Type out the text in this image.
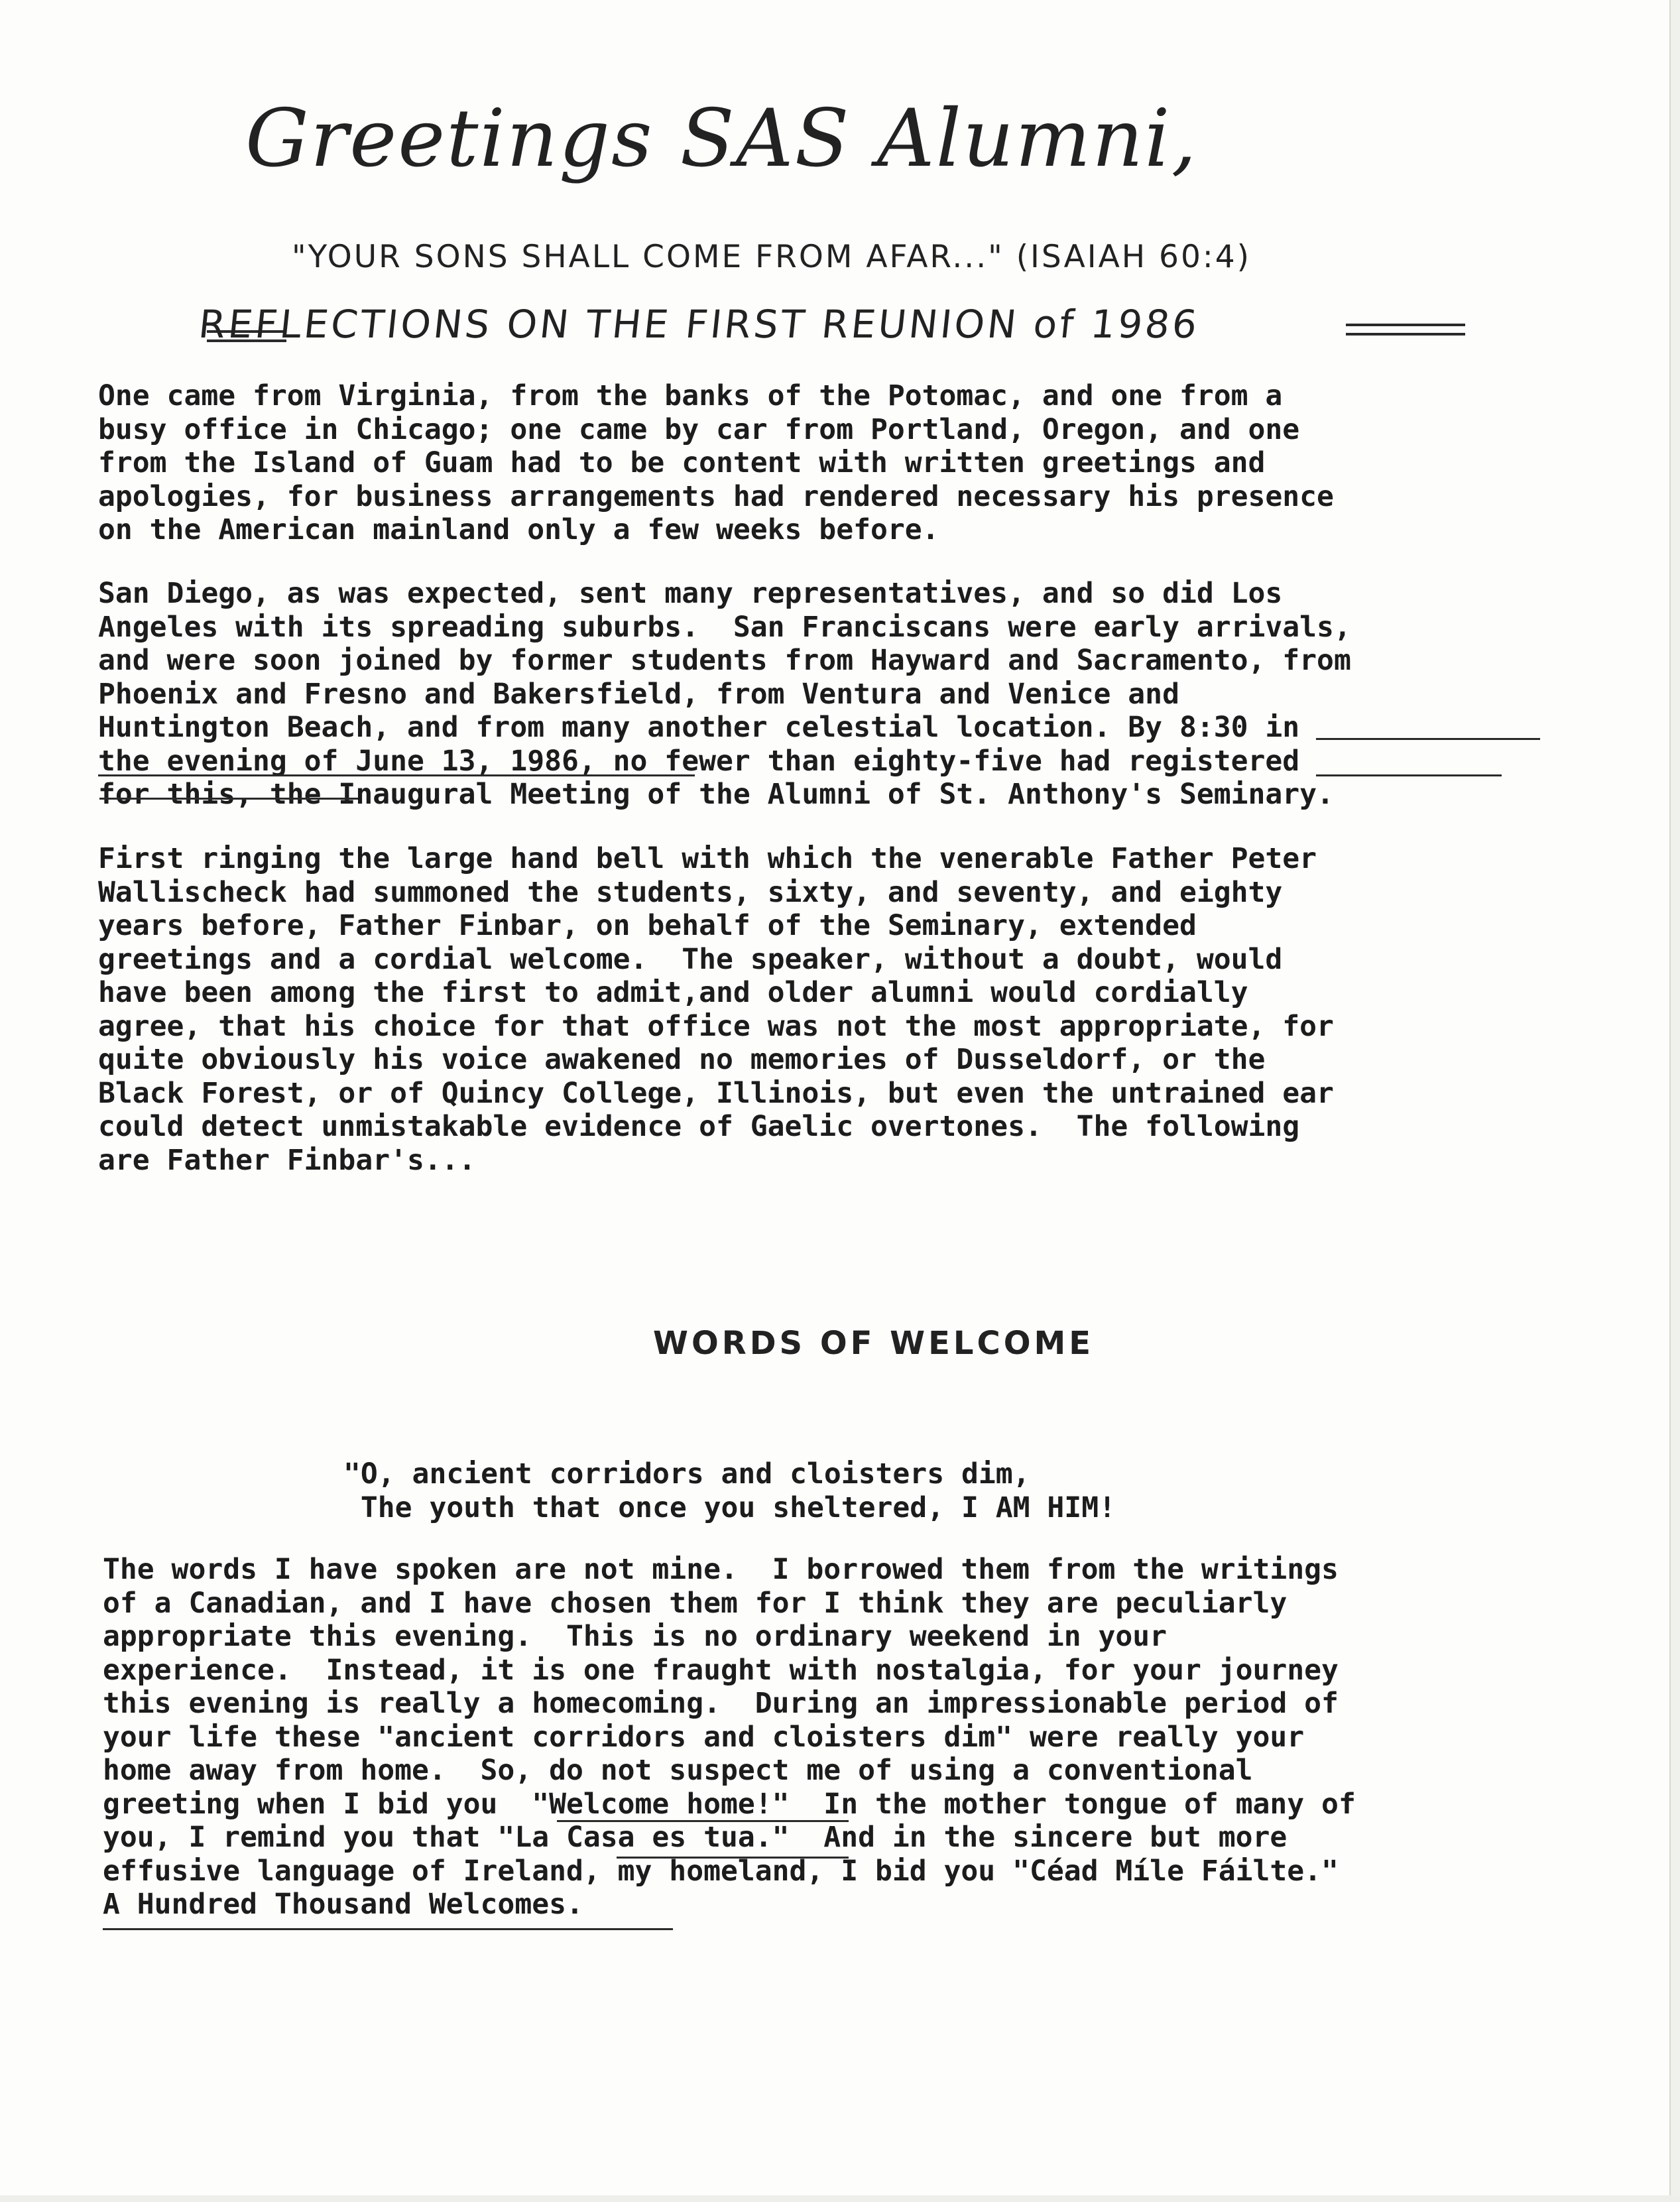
Greetings SAS Alumni,
"YOUR SONS SHALL COME FROM AFAR..." (ISAIAH 60:4)
REFLECTIONS ON THE FIRST REUNION of 1986
One came from Virginia, from the banks of the Potomac, and one from a
busy office in Chicago; one came by car from Portland, Oregon, and one
from the Island of Guam had to be content with written greetings and
apologies, for business arrangements had rendered necessary his presence
on the American mainland only a few weeks before.
San Diego, as was expected, sent many representatives, and so did Los
Angeles with its spreading suburbs.  San Franciscans were early arrivals,
and were soon joined by former students from Hayward and Sacramento, from
Phoenix and Fresno and Bakersfield, from Ventura and Venice and
Huntington Beach, and from many another celestial location. By 8:30 in
the evening of June 13, 1986, no fewer than eighty-five had registered
for this, the Inaugural Meeting of the Alumni of St. Anthony's Seminary.
First ringing the large hand bell with which the venerable Father Peter
Wallischeck had summoned the students, sixty, and seventy, and eighty
years before, Father Finbar, on behalf of the Seminary, extended
greetings and a cordial welcome.  The speaker, without a doubt, would
have been among the first to admit,and older alumni would cordially
agree, that his choice for that office was not the most appropriate, for
quite obviously his voice awakened no memories of Dusseldorf, or the
Black Forest, or of Quincy College, Illinois, but even the untrained ear
could detect unmistakable evidence of Gaelic overtones.  The following
are Father Finbar's...
WORDS OF WELCOME
"O, ancient corridors and cloisters dim,
The youth that once you sheltered, I AM HIM!
The words I have spoken are not mine.  I borrowed them from the writings
of a Canadian, and I have chosen them for I think they are peculiarly
appropriate this evening.  This is no ordinary weekend in your
experience.  Instead, it is one fraught with nostalgia, for your journey
this evening is really a homecoming.  During an impressionable period of
your life these "ancient corridors and cloisters dim" were really your
home away from home.  So, do not suspect me of using a conventional
greeting when I bid you  "Welcome home!"  In the mother tongue of many of
you, I remind you that "La Casa es tua."  And in the sincere but more
effusive language of Ireland, my homeland, I bid you "Céad Míle Fáilte."
A Hundred Thousand Welcomes.
